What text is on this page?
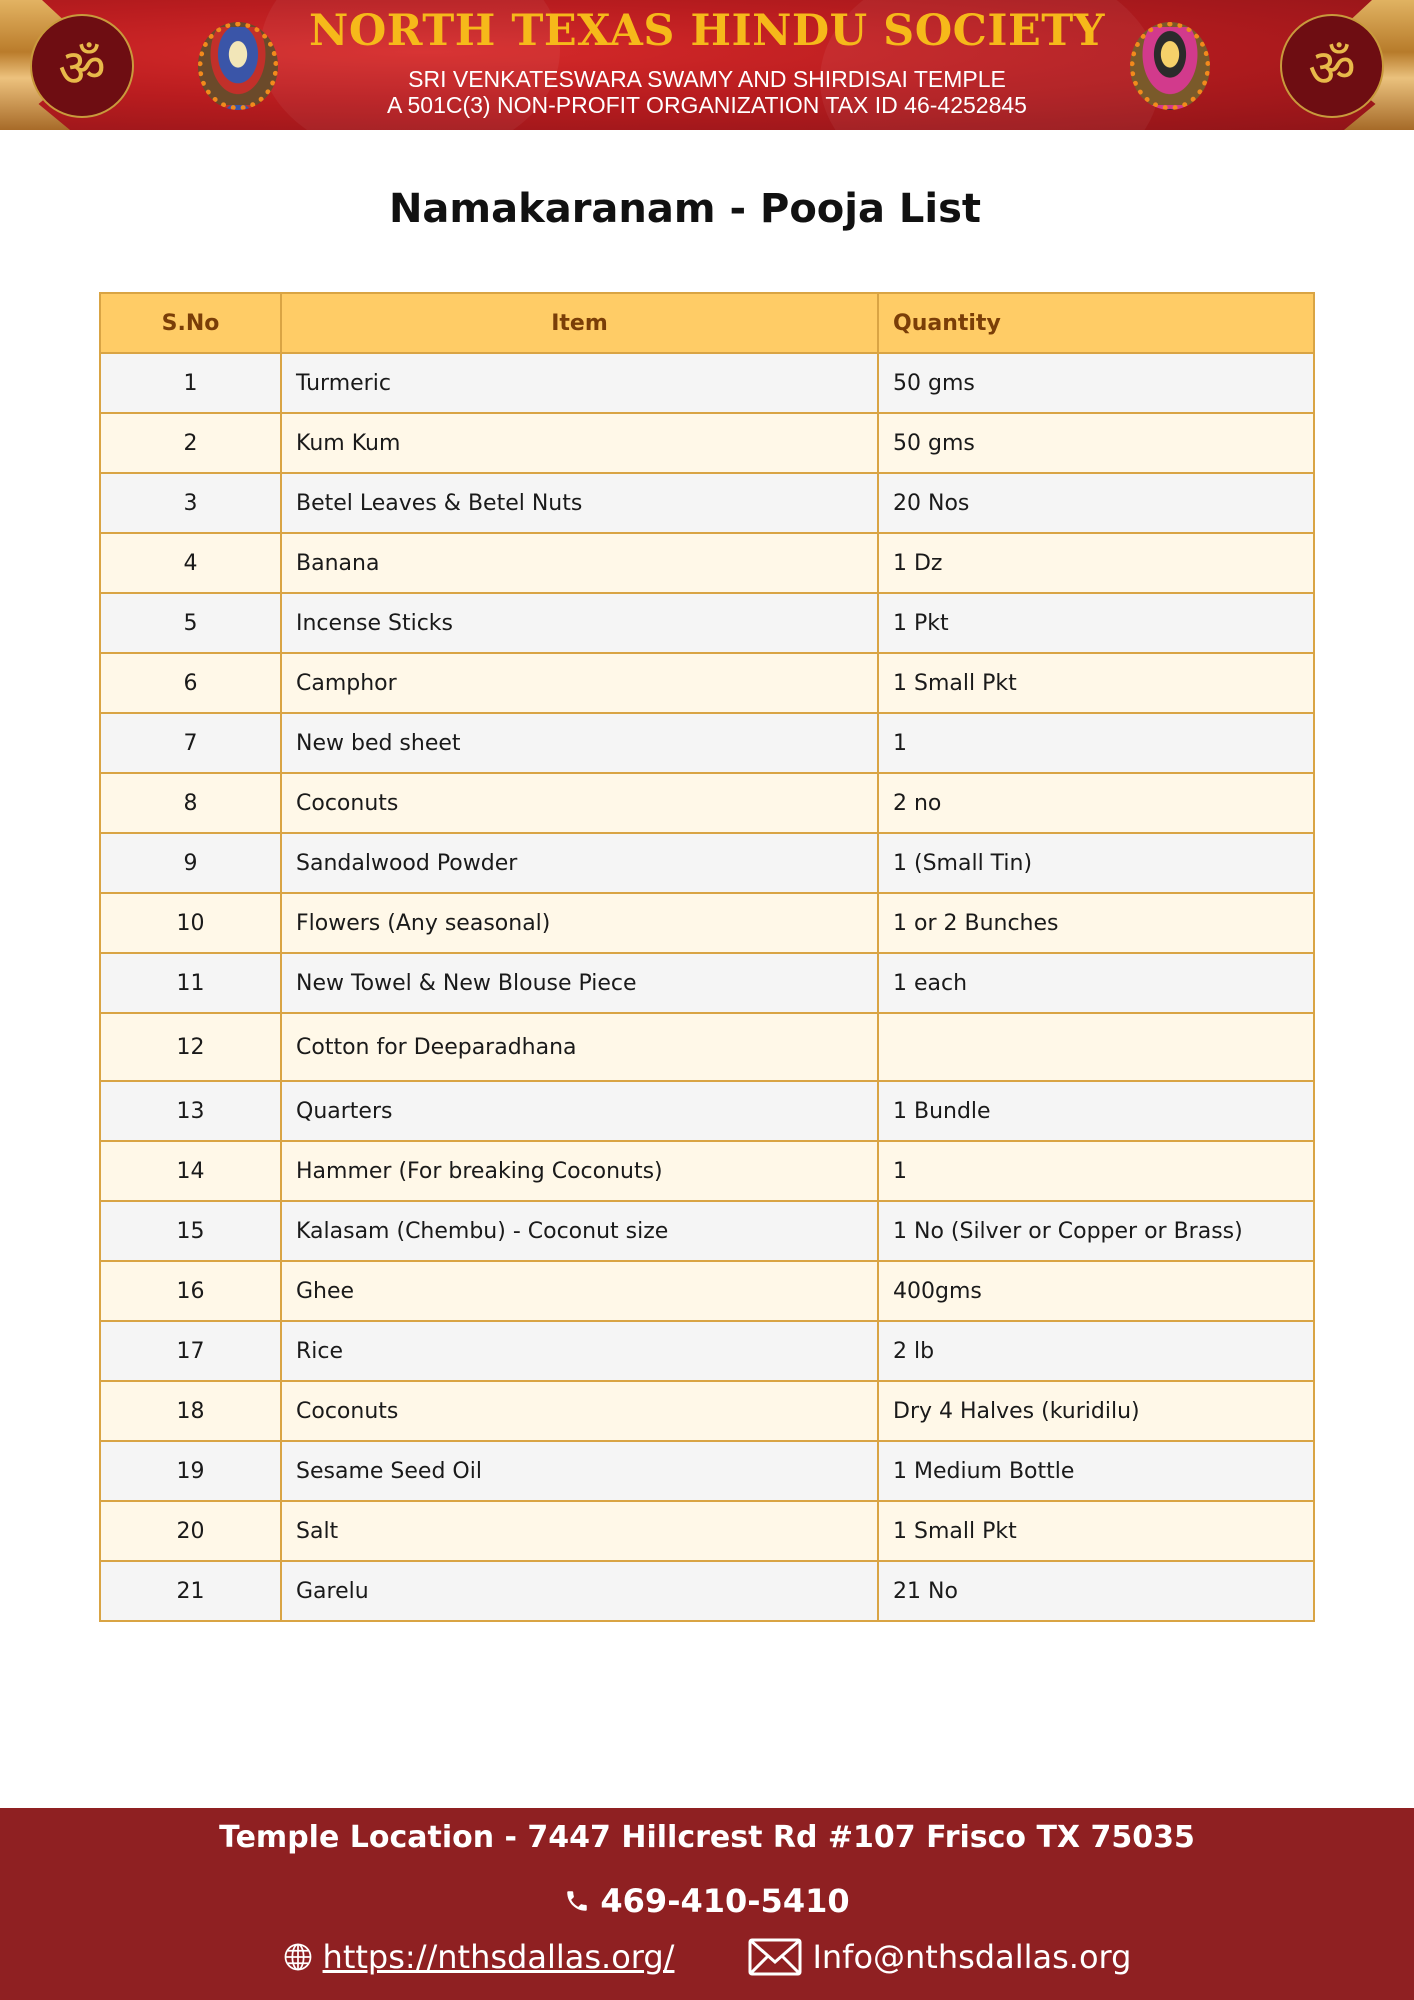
ॐ	ॐ
NORTH TEXAS HINDU SOCIETY
SRI VENKATESWARA SWAMY AND SHIRDISAI TEMPLE
A 501C(3) NON-PROFIT ORGANIZATION TAX ID 46-4252845
Namakaranam - Pooja List
S.No	Item	Quantity
1	Turmeric	50 gms
2	Kum Kum	50 gms
3	Betel Leaves & Betel Nuts	20 Nos
4	Banana	1 Dz
5	Incense Sticks	1 Pkt
6	Camphor	1 Small Pkt
7	New bed sheet	1
8	Coconuts	2 no
9	Sandalwood Powder	1 (Small Tin)
10	Flowers (Any seasonal)	1 or 2 Bunches
11	New Towel & New Blouse Piece	1 each
12	Cotton for Deeparadhana	
13	Quarters	1 Bundle
14	Hammer (For breaking Coconuts)	1
15	Kalasam (Chembu) - Coconut size	1 No (Silver or Copper or Brass)
16	Ghee	400gms
17	Rice	2 lb
18	Coconuts	Dry 4 Halves (kuridilu)
19	Sesame Seed Oil	1 Medium Bottle
20	Salt	1 Small Pkt
21	Garelu	21 No
Temple Location - 7447 Hillcrest Rd #107 Frisco TX 75035
469-410-5410
https://nthsdallas.org/	Info@nthsdallas.org
